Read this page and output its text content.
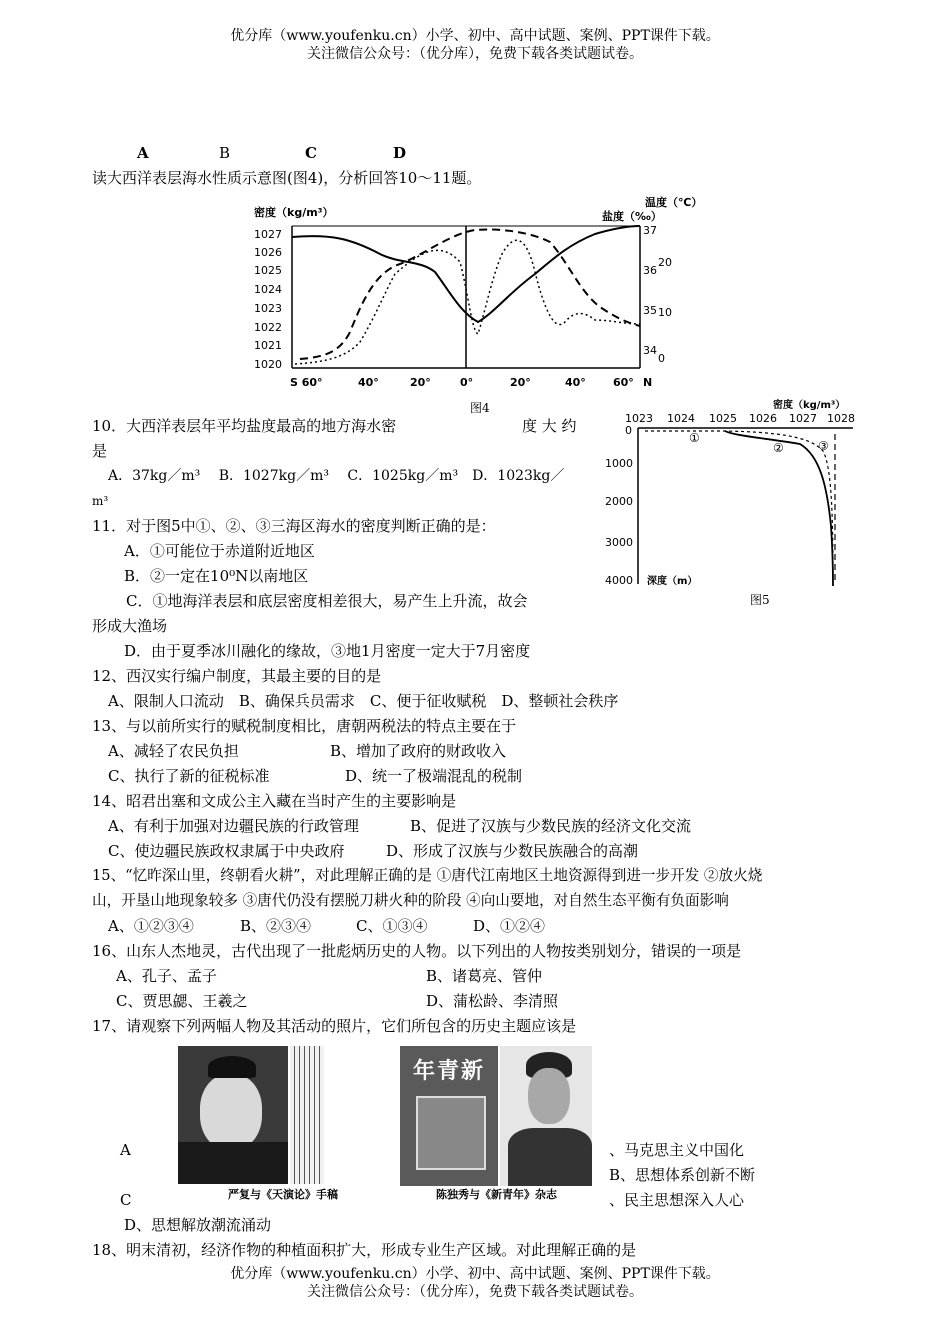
优分库（www.youfenku.cn）小学、初中、高中试题、案例、PPT课件下载。
关注微信公众号：（优分库），免费下载各类试题试卷。
A	B	C	D
读大西洋表层海水性质示意图(图4)，分析回答10～11题。
密度（kg/m³）	盐度（‰）
温度（℃）
1027
1026
1025
1024
1023
1022
1021
1020
37
36
35
34
20
10
0
S 60°	40°	20°	0°	20°	40° 60° N
图4	密度（kg/m³）
1023 1024 1025 1026 1027 1028
0
1000
2000
3000
4000 深度（m）
①
②	③
图5
10．大西洋表层年平均盐度最高的地方海水密	度 大 约
是
A．37kg／m³　 B．1027kg／m³　 C．1025kg／m³　D．1023kg／
m³
11．对于图5中①、②、③三海区海水的密度判断正确的是：
A．①可能位于赤道附近地区
B．②一定在10⁰N以南地区
C．①地海洋表层和底层密度相差很大，易产生上升流，故会
形成大渔场
D．由于夏季冰川融化的缘故，③地1月密度一定大于7月密度
12、西汉实行编户制度，其最主要的目的是
A、限制人口流动　B、确保兵员需求　C、便于征收赋税　D、整顿社会秩序
13、与以前所实行的赋税制度相比，唐朝两税法的特点主要在于
A、减轻了农民负担	B、增加了政府的财政收入
C、执行了新的征税标准	D、统一了极端混乱的税制
14、昭君出塞和文成公主入藏在当时产生的主要影响是
A、有利于加强对边疆民族的行政管理	B、促进了汉族与少数民族的经济文化交流
C、使边疆民族政权隶属于中央政府	D、形成了汉族与少数民族融合的高潮
15、“忆昨深山里，终朝看火耕”，对此理解正确的是 ①唐代江南地区土地资源得到进一步开发 ②放火烧
山，开垦山地现象较多 ③唐代仍没有摆脱刀耕火种的阶段 ④向山要地，对自然生态平衡有负面影响
A、①②③④	B、②③④	C、①③④	D、①②④
16、山东人杰地灵，古代出现了一批彪炳历史的人物。以下列出的人物按类别划分，错误的一项是
A、孔子、孟子	B、诸葛亮、管仲
C、贾思勰、王羲之	D、蒲松龄、李清照
17、请观察下列两幅人物及其活动的照片，它们所包含的历史主题应该是
年青新
严复与《天演论》手稿	陈独秀与《新青年》杂志
A	、马克思主义中国化
B、思想体系创新不断
C	、民主思想深入人心
D、思想解放潮流涌动
18、明末清初，经济作物的种植面积扩大，形成专业生产区域。对此理解正确的是
优分库（www.youfenku.cn）小学、初中、高中试题、案例、PPT课件下载。
关注微信公众号：（优分库），免费下载各类试题试卷。
